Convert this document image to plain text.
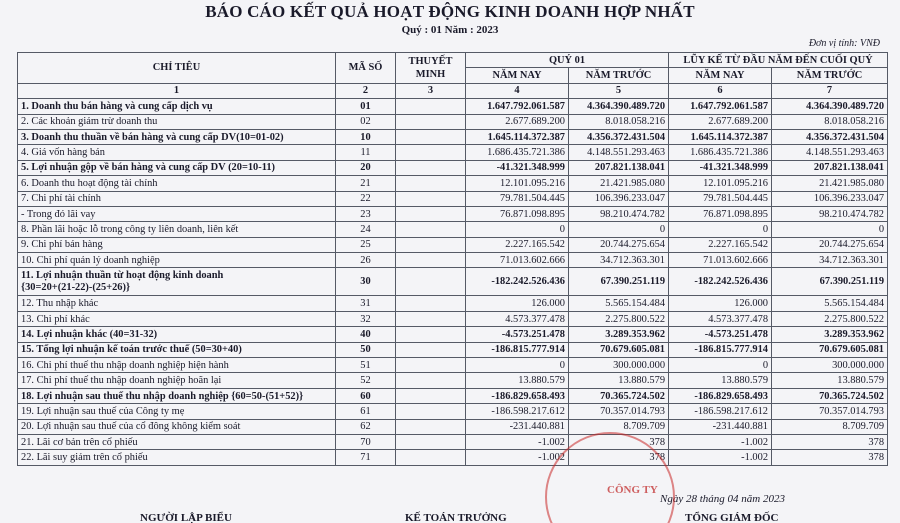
BÁO CÁO KẾT QUẢ HOẠT ĐỘNG KINH DOANH HỢP NHẤT
Quý : 01 Năm : 2023
Đơn vị tính: VNĐ
CHỈ TIÊU	MÃ SỐ	THUYẾT MINH	QUÝ 01		LŨY KẾ TỪ ĐẦU NĂM ĐẾN CUỐI QUÝ	
			NĂM NAY	NĂM TRƯỚC	NĂM NAY	NĂM TRƯỚC
1	2	3	4	5	6	7
1. Doanh thu bán hàng và cung cấp dịch vụ	01		1.647.792.061.587	4.364.390.489.720	1.647.792.061.587	4.364.390.489.720
2. Các khoản giảm trừ doanh thu	02		2.677.689.200	8.018.058.216	2.677.689.200	8.018.058.216
3. Doanh thu thuần về bán hàng và cung cấp DV(10=01-02)	10		1.645.114.372.387	4.356.372.431.504	1.645.114.372.387	4.356.372.431.504
4. Giá vốn hàng bán	11		1.686.435.721.386	4.148.551.293.463	1.686.435.721.386	4.148.551.293.463
5. Lợi nhuận gộp về bán hàng và cung cấp DV (20=10-11)	20		-41.321.348.999	207.821.138.041	-41.321.348.999	207.821.138.041
6. Doanh thu hoạt động tài chính	21		12.101.095.216	21.421.985.080	12.101.095.216	21.421.985.080
7. Chi phí tài chính	22		79.781.504.445	106.396.233.047	79.781.504.445	106.396.233.047
- Trong đó lãi vay	23		76.871.098.895	98.210.474.782	76.871.098.895	98.210.474.782
8. Phần lãi hoặc lỗ trong công ty liên doanh, liên kết	24		0	0	0	0
9. Chi phí bán hàng	25		2.227.165.542	20.744.275.654	2.227.165.542	20.744.275.654
10. Chi phí quản lý doanh nghiệp	26		71.013.602.666	34.712.363.301	71.013.602.666	34.712.363.301

11. Lợi nhuận thuần từ hoạt động kinh doanh
{30=20+(21-22)-(25+26)}	30		-182.242.526.436	67.390.251.119	-182.242.526.436	67.390.251.119
12. Thu nhập khác	31		126.000	5.565.154.484	126.000	5.565.154.484
13. Chi phí khác	32		4.573.377.478	2.275.800.522	4.573.377.478	2.275.800.522
14. Lợi nhuận khác (40=31-32)	40		-4.573.251.478	3.289.353.962	-4.573.251.478	3.289.353.962
15. Tổng lợi nhuận kế toán trước thuế (50=30+40)	50		-186.815.777.914	70.679.605.081	-186.815.777.914	70.679.605.081
16. Chi phí thuế thu nhập doanh nghiệp hiện hành	51		0	300.000.000	0	300.000.000
17. Chi phí thuế thu nhập doanh nghiệp hoãn lại	52		13.880.579	13.880.579	13.880.579	13.880.579
18. Lợi nhuận sau thuế thu nhập doanh nghiệp {60=50-(51+52)}	60		-186.829.658.493	70.365.724.502	-186.829.658.493	70.365.724.502
19. Lợi nhuận sau thuế của Công ty mẹ	61		-186.598.217.612	70.357.014.793	-186.598.217.612	70.357.014.793
20. Lợi nhuận sau thuế của cổ đông không kiểm soát	62		-231.440.881	8.709.709	-231.440.881	8.709.709
21. Lãi cơ bản trên cổ phiếu	70		-1.002	378	-1.002	378
22. Lãi suy giảm trên cổ phiếu	71		-1.002	378	-1.002	378
Ngày 28 tháng 04 năm 2023
CÔNG TY
NGƯỜI LẬP BIỂU	KẾ TOÁN TRƯỞNG	TỔNG GIÁM ĐỐC
